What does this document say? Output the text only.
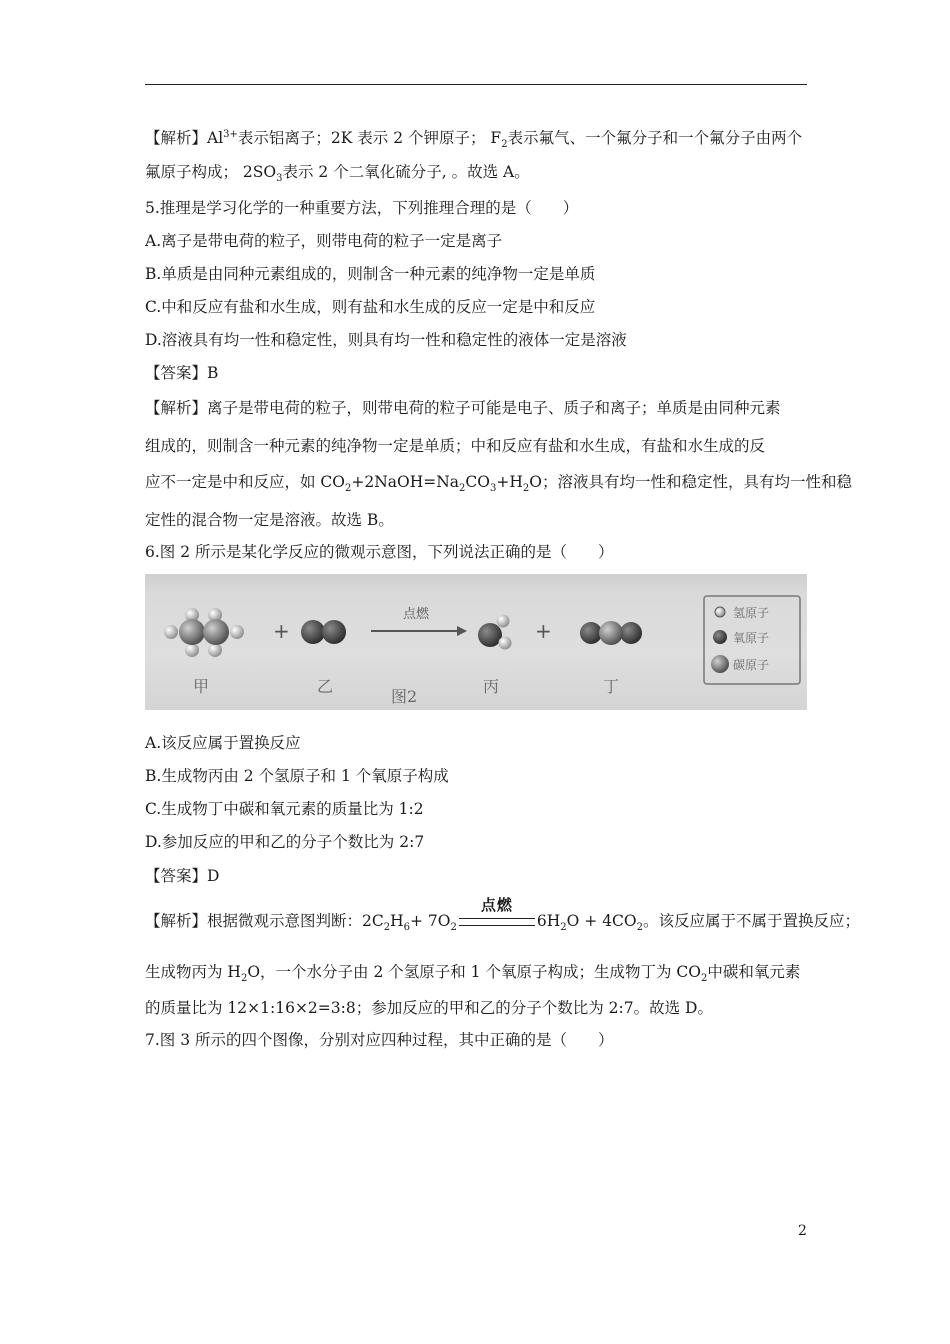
【解析】$Al^{3+}$表示铝离子；2K 表示 2 个钾原子； $F_2$表示氟气、一个氟分子和一个氟分子由两个
氟原子构成； $2SO_3$表示 2 个二氧化硫分子, 。故选 A。
5.推理是学习化学的一种重要方法，下列推理合理的是（　　）
A.离子是带电荷的粒子，则带电荷的粒子一定是离子
B.单质是由同种元素组成的，则制含一种元素的纯净物一定是单质
C.中和反应有盐和水生成，则有盐和水生成的反应一定是中和反应
D.溶液具有均一性和稳定性，则具有均一性和稳定性的液体一定是溶液
【答案】B
【解析】离子是带电荷的粒子，则带电荷的粒子可能是电子、质子和离子；单质是由同种元素
组成的，则制含一种元素的纯净物一定是单质；中和反应有盐和水生成，有盐和水生成的反
应不一定是中和反应，如 $CO_2+2NaOH=Na_2CO_3+H_2O$；溶液具有均一性和稳定性，具有均一性和稳
定性的混合物一定是溶液。故选 B。
6.图 2 所示是某化学反应的微观示意图，下列说法正确的是（　　）
+
点燃
+
甲	乙
图2
丙	丁
氢原子
氧原子
碳原子
A.该反应属于置换反应
B.生成物丙由 2 个氢原子和 1 个氧原子构成
C.生成物丁中碳和氧元素的质量比为 1:2
D.参加反应的甲和乙的分子个数比为 2:7
【答案】D
【解析】根据微观示意图判断：$2C_2H_6+ 7O_2$
点燃
$6H_2O + 4CO_2$。该反应属于不属于置换反应；
生成物丙为 $H_2O$，一个水分子由 2 个氢原子和 1 个氧原子构成；生成物丁为 $CO_2$中碳和氧元素
的质量比为 12×1:16×2=3:8；参加反应的甲和乙的分子个数比为 2:7。故选 D。
7.图 3 所示的四个图像，分别对应四种过程，其中正确的是（　　）
2
